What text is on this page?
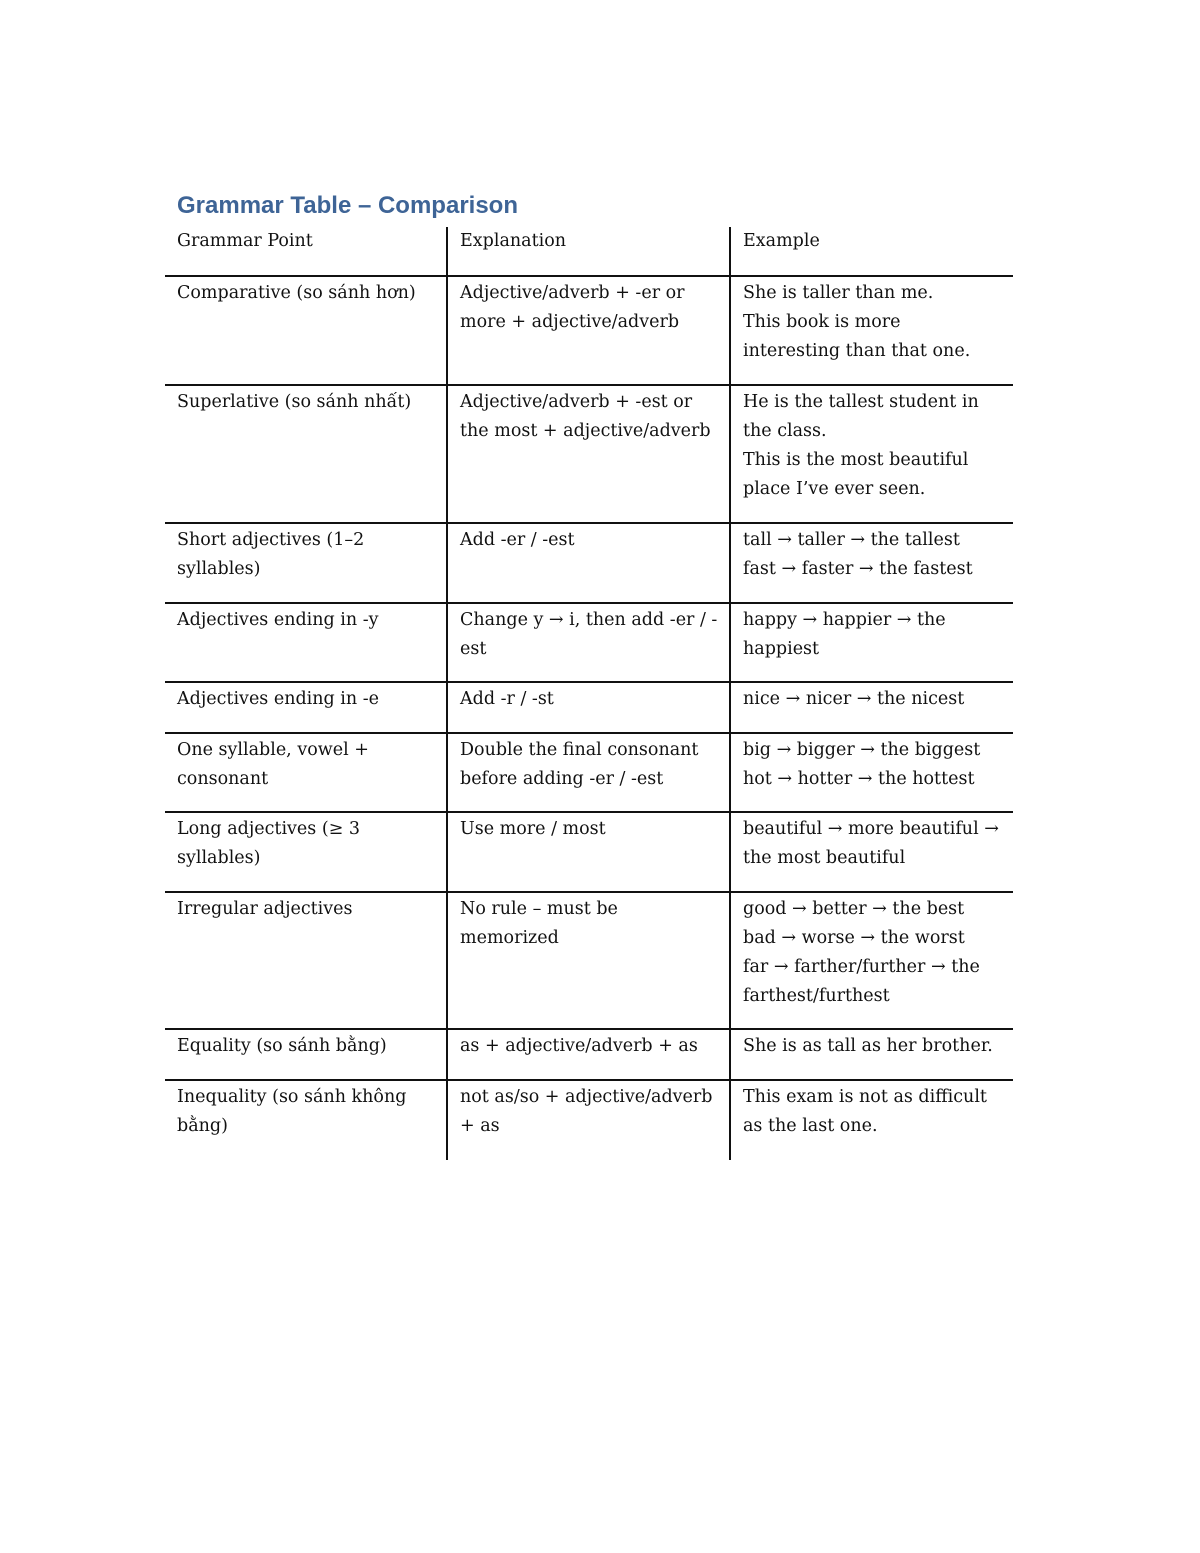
Grammar Table – Comparison
Grammar Point	Explanation	Example
Comparative (so sánh hơn)	Adjective/adverb + -er or more + adjective/adverb	She is taller than me.
This book is more interesting than that one.

Superlative (so sánh nhất)	Adjective/adverb + -est or the most + adjective/adverb	He is the tallest student in the class.
This is the most beautiful place I’ve ever seen.

Short adjectives (1–2 syllables)	Add -er / -est	tall → taller → the tallest
fast → faster → the fastest

Adjectives ending in -y	Change y → i, then add -er / -est	happy → happier → the happiest

Adjectives ending in -e	Add -r / -st	nice → nicer → the nicest

One syllable, vowel + consonant	Double the final consonant before adding -er / -est	big → bigger → the biggest
hot → hotter → the hottest

Long adjectives (≥ 3 syllables)	Use more / most	beautiful → more beautiful → the most beautiful

Irregular adjectives	No rule – must be memorized	good → better → the best
bad → worse → the worst
far → farther/further → the farthest/furthest

Equality (so sánh bằng)	as + adjective/adverb + as	She is as tall as her brother.

Inequality (so sánh không bằng)	not as/so + adjective/adverb + as	This exam is not as difficult as the last one.
